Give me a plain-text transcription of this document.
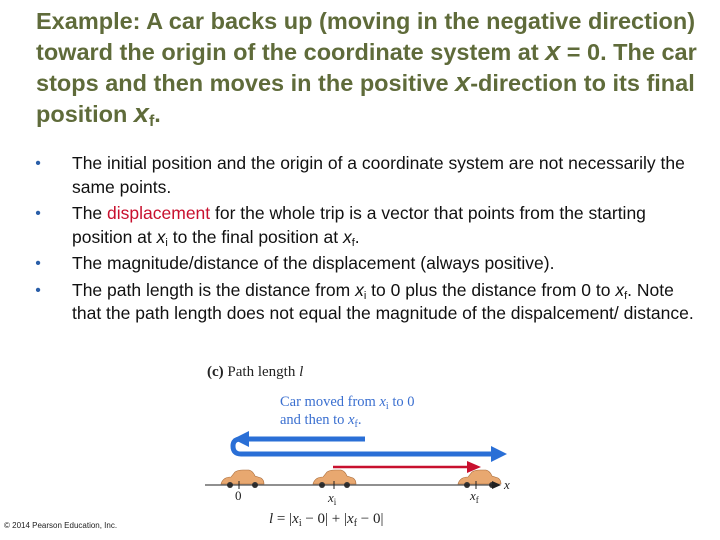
Example: A car backs up (moving in the negative direction) toward the origin of the coordinate system at x = 0. The car stops and then moves in the positive x-direction to its final position $x_f$.
•	The initial position and the origin of a coordinate system are not necessarily the same points.
•	The displacement for the whole trip is a vector that points from the starting position at $x_i$ to the final position at $x_f$.
•	The magnitude/distance of the displacement (always positive).
•	The path length is the distance from $x_i$ to 0 plus the distance from 0 to $x_f$. Note that the path length does not equal the magnitude of the dispalcement/ distance.
(c) Path length l
Car moved from $x_i$ to 0
and then to $x_f$.
0	$x_i$	$x_f$
x
$l = |x_i - 0| + |x_f - 0|$
© 2014 Pearson Education, Inc.
